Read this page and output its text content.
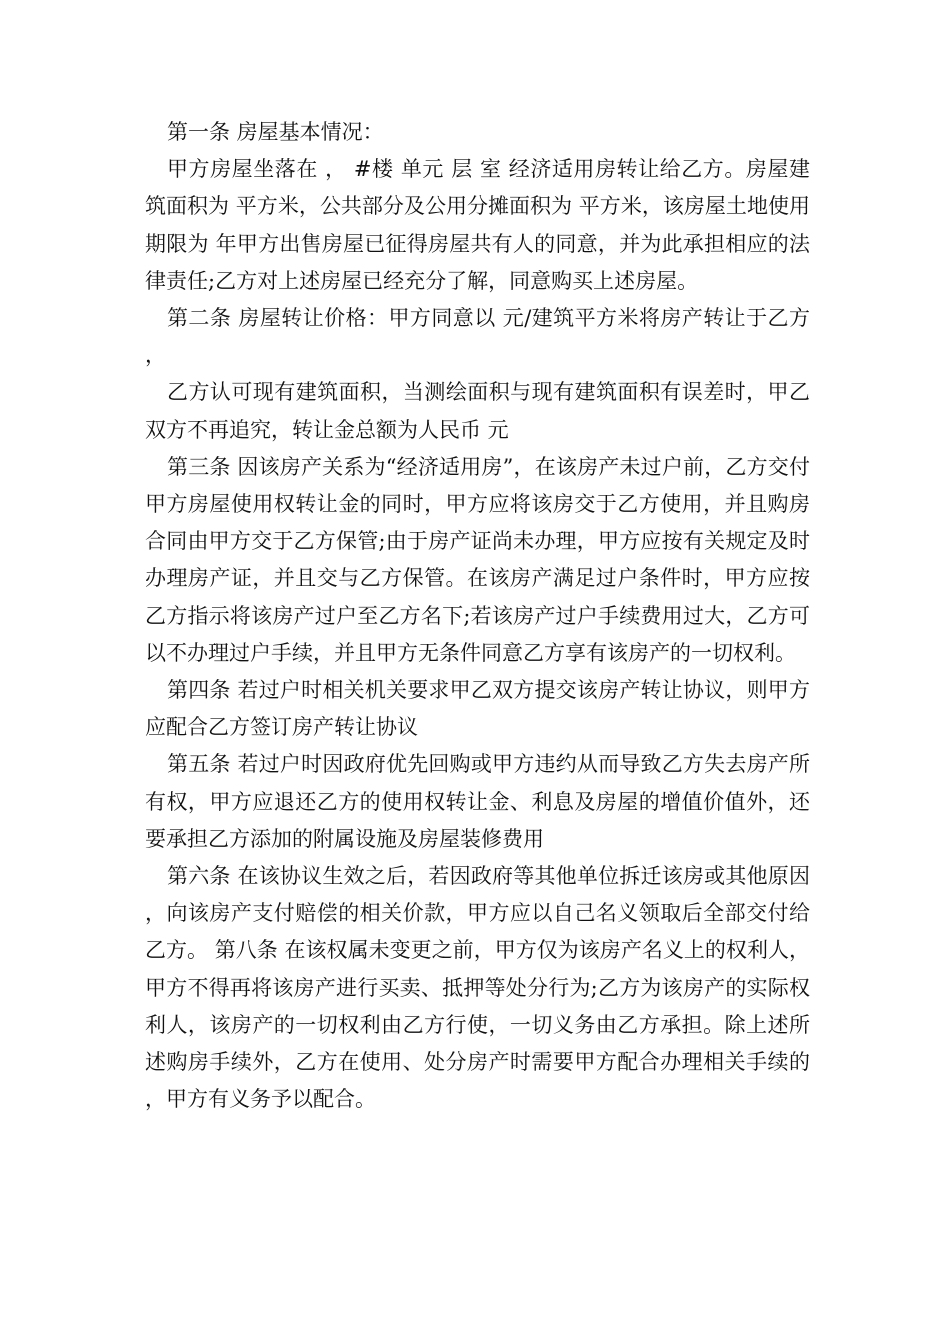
第一条 房屋基本情况：

甲方房屋坐落在 ， #楼 单元 层 室 经济适用房转让给乙方。房屋建筑面积为 平方米，公共部分及公用分摊面积为 平方米，该房屋土地使用期限为 年甲方出售房屋已征得房屋共有人的同意，并为此承担相应的法律责任;乙方对上述房屋已经充分了解，同意购买上述房屋。

第二条 房屋转让价格：甲方同意以 元/建筑平方米将房产转让于乙方，

乙方认可现有建筑面积，当测绘面积与现有建筑面积有误差时，甲乙双方不再追究，转让金总额为人民币 元

第三条 因该房产关系为“经济适用房”，在该房产未过户前，乙方交付甲方房屋使用权转让金的同时，甲方应将该房交于乙方使用，并且购房合同由甲方交于乙方保管;由于房产证尚未办理，甲方应按有关规定及时办理房产证，并且交与乙方保管。在该房产满足过户条件时，甲方应按乙方指示将该房产过户至乙方名下;若该房产过户手续费用过大，乙方可以不办理过户手续，并且甲方无条件同意乙方享有该房产的一切权利。

第四条 若过户时相关机关要求甲乙双方提交该房产转让协议，则甲方应配合乙方签订房产转让协议

第五条 若过户时因政府优先回购或甲方违约从而导致乙方失去房产所有权，甲方应退还乙方的使用权转让金、利息及房屋的增值价值外，还要承担乙方添加的附属设施及房屋装修费用

第六条 在该协议生效之后，若因政府等其他单位拆迁该房或其他原因，向该房产支付赔偿的相关价款，甲方应以自己名义领取后全部交付给乙方。 第八条 在该权属未变更之前，甲方仅为该房产名义上的权利人，甲方不得再将该房产进行买卖、抵押等处分行为;乙方为该房产的实际权利人，该房产的一切权利由乙方行使，一切义务由乙方承担。除上述所述购房手续外，乙方在使用、处分房产时需要甲方配合办理相关手续的，甲方有义务予以配合。
